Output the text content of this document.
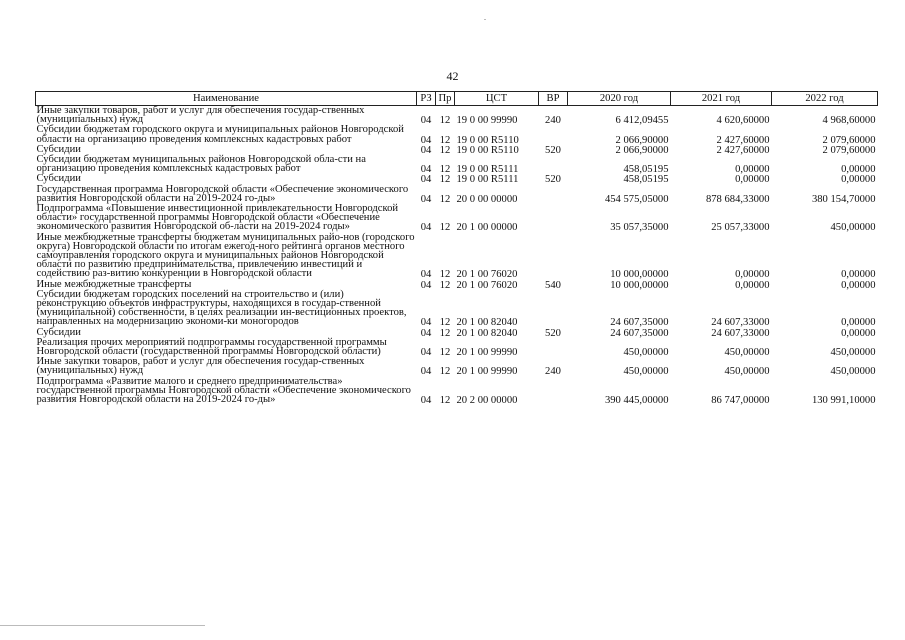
42
Наименование	РЗ	Пр	ЦСТ	ВР	2020 год	2021 год	2022 год

Иные закупки товаров, работ и услуг для обеспечения государ-ственных (муниципальных) нужд	04	12	19 0 00 99990	240	6 412,09455	4 620,60000	4 968,60000

Субсидии бюджетам городского округа и муниципальных районов Новгородской области на организацию проведения комплексных кадастровых работ	04	12	19 0 00 R5110		2 066,90000	2 427,60000	2 079,60000

Субсидии	04	12	19 0 00 R5110	520	2 066,90000	2 427,60000	2 079,60000

Субсидии бюджетам муниципальных районов Новгородской обла-сти на организацию проведения комплексных кадастровых работ	04	12	19 0 00 R5111		458,05195	0,00000	0,00000

Субсидии	04	12	19 0 00 R5111	520	458,05195	0,00000	0,00000

Государственная программа Новгородской области «Обеспечение экономического развития Новгородской области на 2019-2024 го-ды»	04	12	20 0 00 00000		454 575,05000	878 684,33000	380 154,70000

Подпрограмма «Повышение инвестиционной привлекательности Новгородской области» государственной программы Новгородской области «Обеспечение экономического развития Новгородской об-ласти на 2019-2024 годы»	04	12	20 1 00 00000		35 057,35000	25 057,33000	450,00000

Иные межбюджетные трансферты бюджетам муниципальных райо-нов (городского округа) Новгородской области по итогам ежегод-ного рейтинга органов местного самоуправления городского округа и муниципальных районов Новгородской области по развитию предпринимательства, привлечению инвестиций и содействию раз-витию конкуренции в Новгородской области	04	12	20 1 00 76020		10 000,00000	0,00000	0,00000

Иные межбюджетные трансферты	04	12	20 1 00 76020	540	10 000,00000	0,00000	0,00000

Субсидии бюджетам городских поселений на строительство и (или) реконструкцию объектов инфраструктуры, находящихся в государ-ственной (муниципальной) собственности, в целях реализации ин-вестиционных проектов, направленных на модернизацию экономи-ки моногородов	04	12	20 1 00 82040		24 607,35000	24 607,33000	0,00000

Субсидии	04	12	20 1 00 82040	520	24 607,35000	24 607,33000	0,00000

Реализация прочих мероприятий подпрограммы государственной программы Новгородской области (государственной программы Новгородской области)	04	12	20 1 00 99990		450,00000	450,00000	450,00000

Иные закупки товаров, работ и услуг для обеспечения государ-ственных (муниципальных) нужд	04	12	20 1 00 99990	240	450,00000	450,00000	450,00000

Подпрограмма «Развитие малого и среднего предпринимательства» государственной программы Новгородской области «Обеспечение экономического развития Новгородской области на 2019-2024 го-ды»	04	12	20 2 00 00000		390 445,00000	86 747,00000	130 991,10000
